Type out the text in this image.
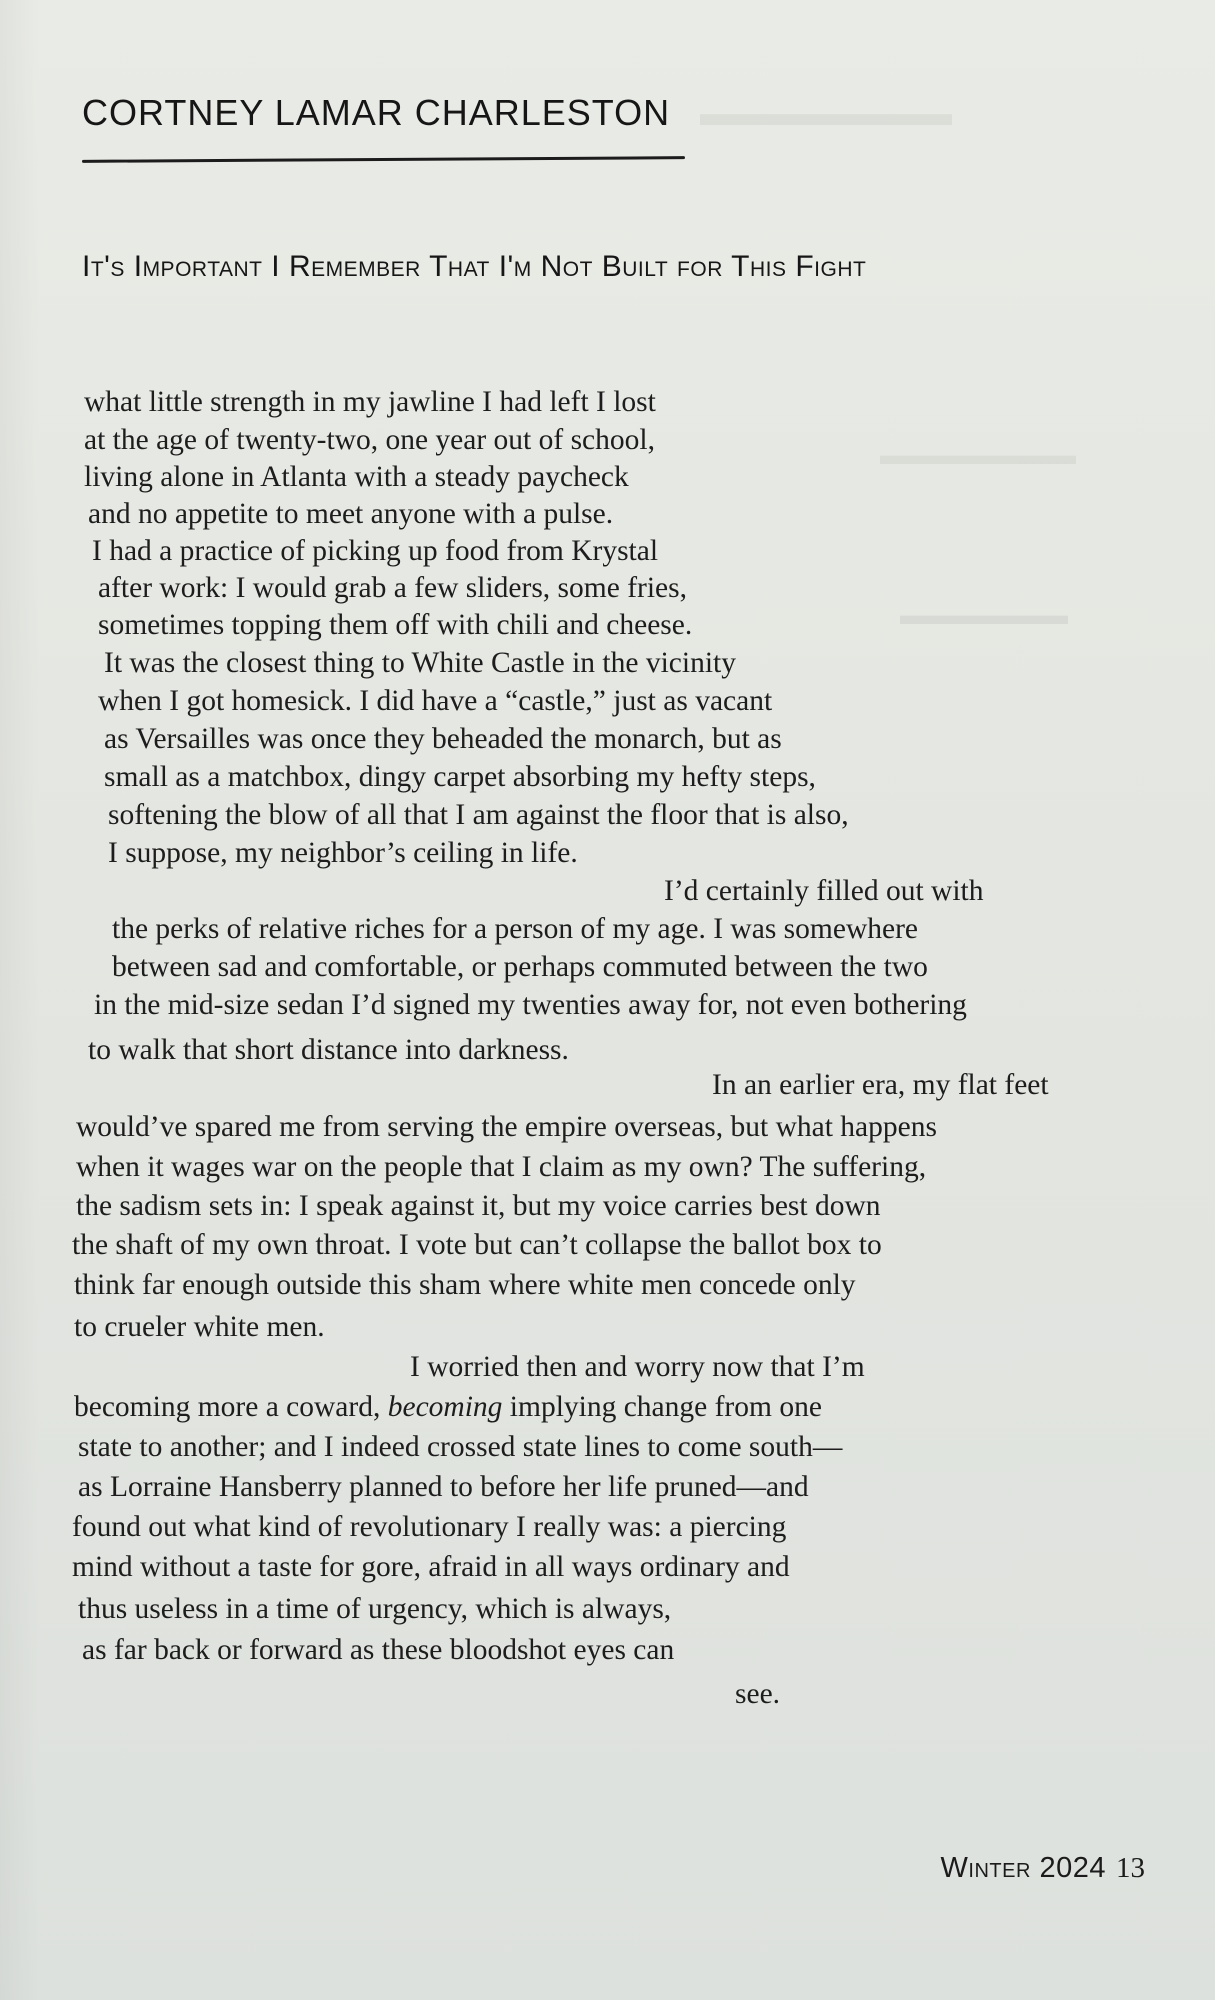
▬▬▬▬▬▬▬
▬▬▬▬▬▬▬
▬▬▬▬▬▬
CORTNEY LAMAR CHARLESTON
It's Important I Remember That I'm Not Built for This Fight
what little strength in my jawline I had left I lost
at the age of twenty-two, one year out of school,
living alone in Atlanta with a steady paycheck
and no appetite to meet anyone with a pulse.
I had a practice of picking up food from Krystal
after work: I would grab a few sliders, some fries,
sometimes topping them off with chili and cheese.
It was the closest thing to White Castle in the vicinity
when I got homesick. I did have a “castle,” just as vacant
as Versailles was once they beheaded the monarch, but as
small as a matchbox, dingy carpet absorbing my hefty steps,
softening the blow of all that I am against the floor that is also,
I suppose, my neighbor’s ceiling in life.
I’d certainly filled out with
the perks of relative riches for a person of my age. I was somewhere
between sad and comfortable, or perhaps commuted between the two
in the mid-size sedan I’d signed my twenties away for, not even bothering
to walk that short distance into darkness.
In an earlier era, my flat feet
would’ve spared me from serving the empire overseas, but what happens
when it wages war on the people that I claim as my own? The suffering,
the sadism sets in: I speak against it, but my voice carries best down
the shaft of my own throat. I vote but can’t collapse the ballot box to
think far enough outside this sham where white men concede only
to crueler white men.
I worried then and worry now that I’m
becoming more a coward, becoming implying change from one
state to another; and I indeed crossed state lines to come south—
as Lorraine Hansberry planned to before her life pruned—and
found out what kind of revolutionary I really was: a piercing
mind without a taste for gore, afraid in all ways ordinary and
thus useless in a time of urgency, which is always,
as far back or forward as these bloodshot eyes can
see.
Winter 2024 13
